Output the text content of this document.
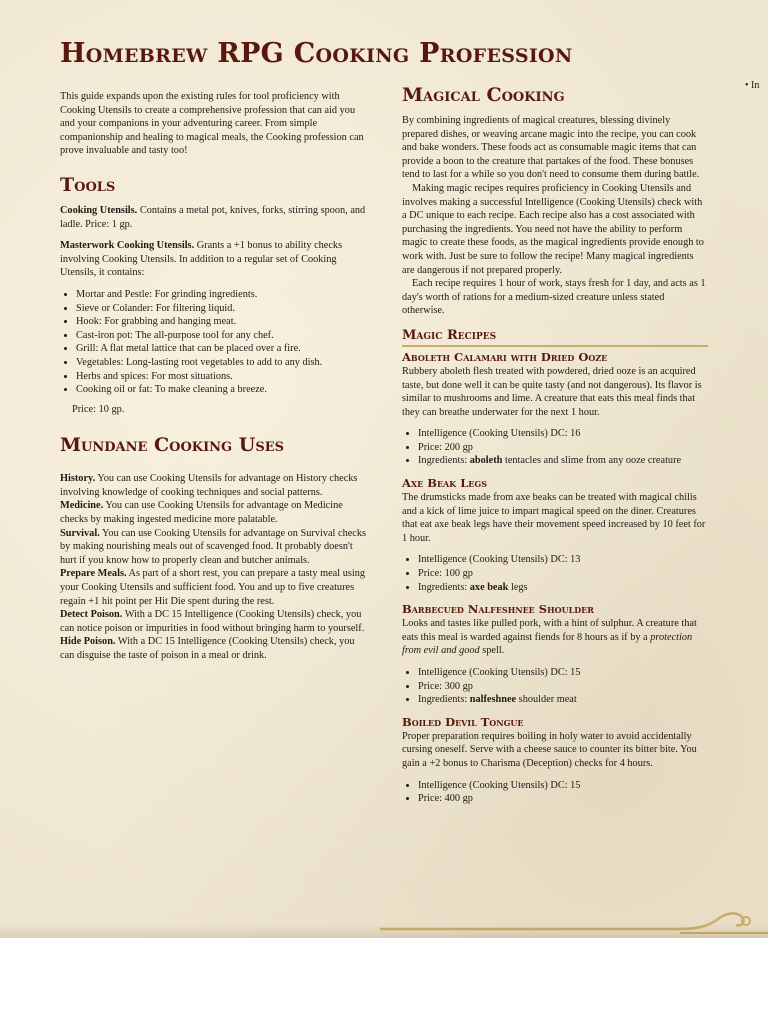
Homebrew RPG Cooking Profession
• In

This guide expands upon the existing rules for tool proficiency with Cooking Utensils to create a comprehensive profession that can aid you and your companions in your adventuring career. From simple companionship and healing to magical meals, the Cooking profession can prove invaluable and tasty too!

Tools

Cooking Utensils. Contains a metal pot, knives, forks, stirring spoon, and ladle. Price: 1 gp.

Masterwork Cooking Utensils. Grants a +1 bonus to ability checks involving Cooking Utensils. In addition to a regular set of Cooking Utensils, it contains:

• Mortar and Pestle: For grinding ingredients.
• Sieve or Colander: For filtering liquid.
• Hook: For grabbing and hanging meat.
• Cast-iron pot: The all-purpose tool for any chef.
• Grill: A flat metal lattice that can be placed over a fire.
• Vegetables: Long-lasting root vegetables to add to any dish.
• Herbs and spices: For most situations.
• Cooking oil or fat: To make cleaning a breeze.

Price: 10 gp.

Mundane Cooking Uses

History. You can use Cooking Utensils for advantage on History checks involving knowledge of cooking techniques and social patterns.

Medicine. You can use Cooking Utensils for advantage on Medicine checks by making ingested medicine more palatable.

Survival. You can use Cooking Utensils for advantage on Survival checks by making nourishing meals out of scavenged food. It probably doesn't hurt if you know how to properly clean and butcher animals.

Prepare Meals. As part of a short rest, you can prepare a tasty meal using your Cooking Utensils and sufficient food. You and up to five creatures regain +1 hit point per Hit Die spent during the rest.

Detect Poison. With a DC 15 Intelligence (Cooking Utensils) check, you can notice poison or impurities in food without bringing harm to yourself.

Hide Poison. With a DC 15 Intelligence (Cooking Utensils) check, you can disguise the taste of poison in a meal or drink.

Magical Cooking

By combining ingredients of magical creatures, blessing divinely prepared dishes, or weaving arcane magic into the recipe, you can cook and bake wonders. These foods act as consumable magic items that can provide a boon to the creature that partakes of the food. These bonuses tend to last for a while so you don't need to consume them during battle.

Making magic recipes requires proficiency in Cooking Utensils and involves making a successful Intelligence (Cooking Utensils) check with a DC unique to each recipe. Each recipe also has a cost associated with purchasing the ingredients. You need not have the ability to perform magic to create these foods, as the magical ingredients provide enough to work with. Just be sure to follow the recipe! Many magical ingredients are dangerous if not prepared properly.

Each recipe requires 1 hour of work, stays fresh for 1 day, and acts as 1 day's worth of rations for a medium-sized creature unless stated otherwise.

Magic Recipes
Aboleth Calamari with Dried Ooze

Rubbery aboleth flesh treated with powdered, dried ooze is an acquired taste, but done well it can be quite tasty (and not dangerous). Its flavor is similar to mushrooms and lime. A creature that eats this meal finds that they can breathe underwater for the next 1 hour.

• Intelligence (Cooking Utensils) DC: 16
• Price: 200 gp
• Ingredients: aboleth tentacles and slime from any ooze creature
Axe Beak Legs

The drumsticks made from axe beaks can be treated with magical chilis and a kick of lime juice to impart magical speed on the diner. Creatures that eat axe beak legs have their movement speed increased by 10 feet for 1 hour.

• Intelligence (Cooking Utensils) DC: 13
• Price: 100 gp
• Ingredients: axe beak legs
Barbecued Nalfeshnee Shoulder

Looks and tastes like pulled pork, with a hint of sulphur. A creature that eats this meal is warded against fiends for 8 hours as if by a protection from evil and good spell.

• Intelligence (Cooking Utensils) DC: 15
• Price: 300 gp
• Ingredients: nalfeshnee shoulder meat
Boiled Devil Tongue

Proper preparation requires boiling in holy water to avoid accidentally cursing oneself. Serve with a cheese sauce to counter its bitter bite. You gain a +2 bonus to Charisma (Deception) checks for 4 hours.

• Intelligence (Cooking Utensils) DC: 15
• Price: 400 gp
